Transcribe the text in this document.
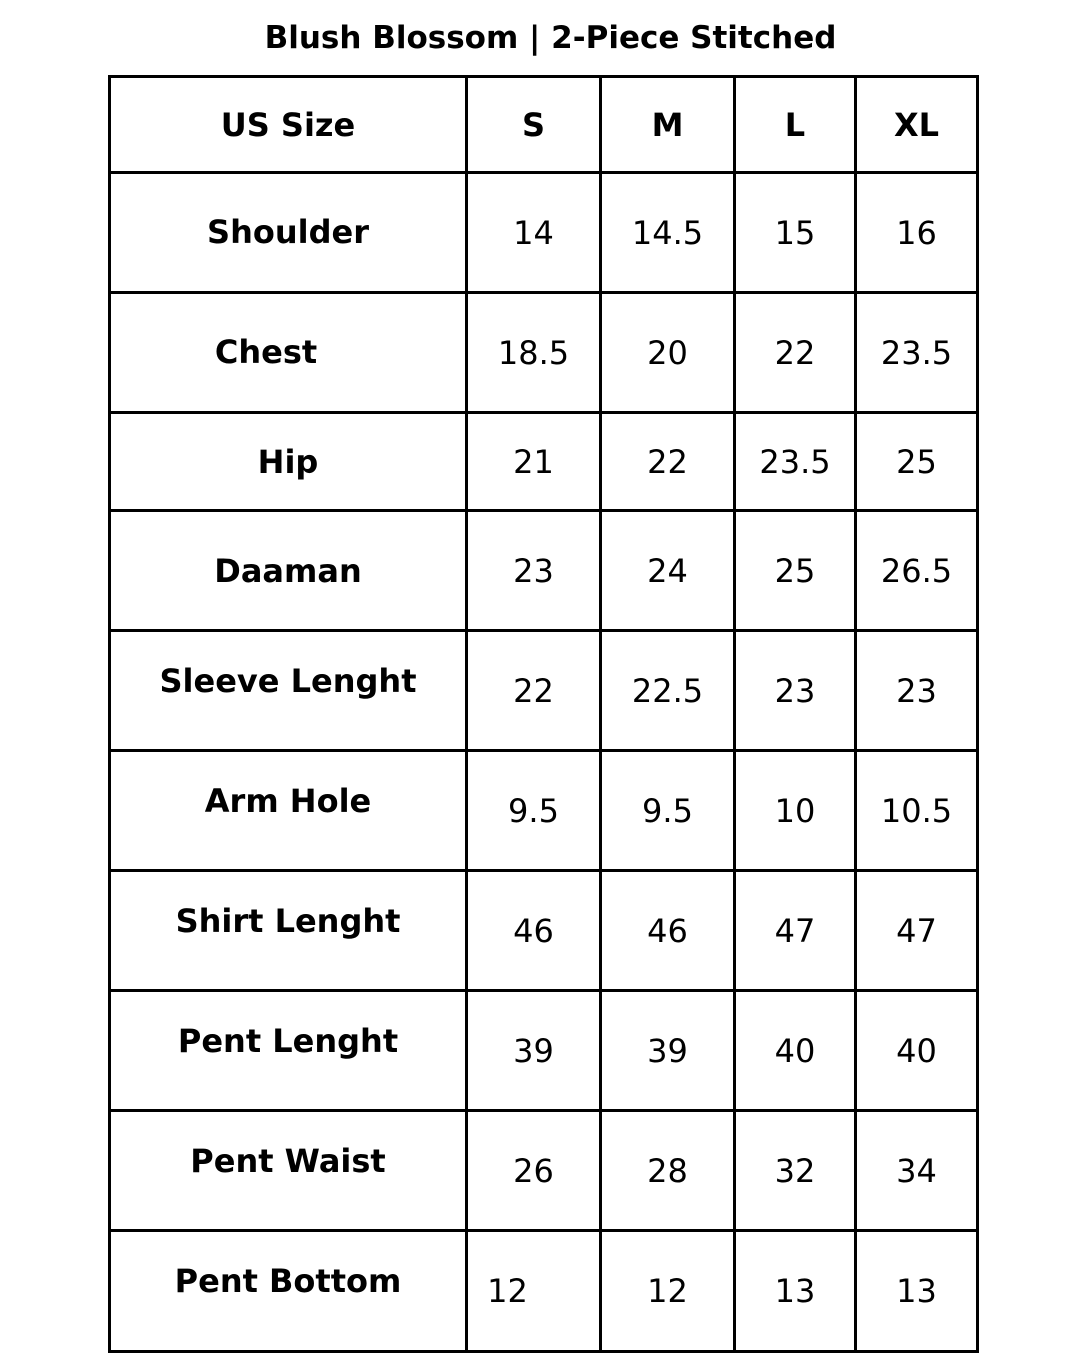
Blush Blossom | 2-Piece Stitched
US Size	S	M	L	XL
Shoulder	14	14.5	15	16
Chest	18.5	20	22	23.5
Hip	21	22	23.5	25
Daaman	23	24	25	26.5
Sleeve Lenght	22	22.5	23	23
Arm Hole	9.5	9.5	10	10.5
Shirt Lenght	46	46	47	47
Pent Lenght	39	39	40	40
Pent Waist	26	28	32	34
Pent Bottom	12	12	13	13
